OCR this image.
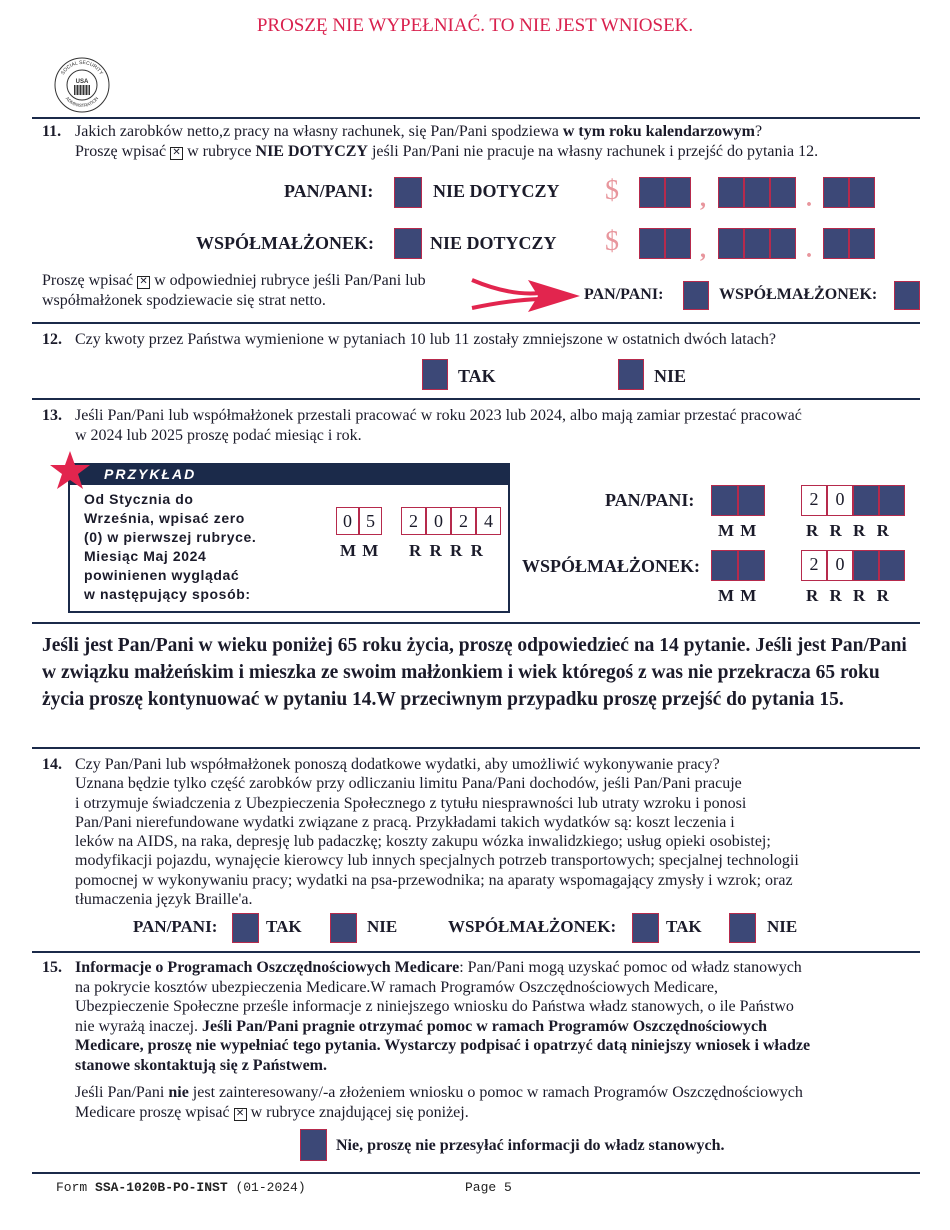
PROSZĘ NIE WYPEŁNIAĆ. TO NIE JEST WNIOSEK.
USA
SOCIAL SECURITY
ADMINISTRATION
11. Jakich zarobków netto,z pracy na własny rachunek, się Pan/Pani spodziewa w tym roku kalendarzowym?
Proszę wpisać ✕ w rubryce NIE DOTYCZY jeśli Pan/Pani nie pracuje na własny rachunek i przejść do pytania 12.
PAN/PANI:	NIE DOTYCZY $	,	.
WSPÓŁMAŁŻONEK:	NIE DOTYCZY $	,	.
Proszę wpisać ✕ w odpowiedniej rubryce jeśli Pan/Pani lub
współmałżonek spodziewacie się strat netto.	PAN/PANI:	WSPÓŁMAŁŻONEK:
12. Czy kwoty przez Państwa wymienione w pytaniach 10 lub 11 zostały zmniejszone w ostatnich dwóch latach?
TAK	NIE
13. Jeśli Pan/Pani lub współmałżonek przestali pracować w roku 2023 lub 2024, albo mają zamiar przestać pracować
w 2024 lub 2025 proszę podać miesiąc i rok.
PRZYKŁAD
Od Stycznia do
Września, wpisać zero
(0) w pierwszej rubryce.
Miesiąc Maj 2024
powinienen wyglądać
w następujący sposób:
0 5	2 0 2 4
M M R R R R
PAN/PANI:	2 0
M M	R R R R
WSPÓŁMAŁŻONEK:	2 0
M M	R R R R
Jeśli jest Pan/Pani w wieku poniżej 65 roku życia, proszę odpowiedzieć na 14 pytanie. Jeśli jest Pan/Pani w związku małżeńskim i mieszka ze swoim małżonkiem i wiek któregoś z was nie przekracza 65 roku życia proszę kontynuować w pytaniu 14.W przeciwnym przypadku proszę przejść do pytania 15.
14. Czy Pan/Pani lub współmałżonek ponoszą dodatkowe wydatki, aby umożliwić wykonywanie pracy?
Uznana będzie tylko część zarobków przy odliczaniu limitu Pana/Pani dochodów, jeśli Pan/Pani pracuje
i otrzymuje świadczenia z Ubezpieczenia Społecznego z tytułu niesprawności lub utraty wzroku i ponosi
Pan/Pani nierefundowane wydatki związane z pracą. Przykładami takich wydatków są: koszt leczenia i
leków na AIDS, na raka, depresję lub padaczkę; koszty zakupu wózka inwalidzkiego; usług opieki osobistej;
modyfikacji pojazdu, wynajęcie kierowcy lub innych specjalnych potrzeb transportowych; specjalnej technologii
pomocnej w wykonywaniu pracy; wydatki na psa-przewodnika; na aparaty wspomagający zmysły i wzrok; oraz
tłumaczenia język Braille'a.
PAN/PANI:	TAK	NIE	WSPÓŁMAŁŻONEK:	TAK	NIE
15. Informacje o Programach Oszczędnościowych Medicare: Pan/Pani mogą uzyskać pomoc od władz stanowych
na pokrycie kosztów ubezpieczenia Medicare.W ramach Programów Oszczędnościowych Medicare,
Ubezpieczenie Społeczne prześle informacje z niniejszego wniosku do Państwa władz stanowych, o ile Państwo
nie wyrażą inaczej. Jeśli Pan/Pani pragnie otrzymać pomoc w ramach Programów Oszczędnościowych
Medicare, proszę nie wypełniać tego pytania. Wystarczy podpisać i opatrzyć datą niniejszy wniosek i władze
stanowe skontaktują się z Państwem.
Jeśli Pan/Pani nie jest zainteresowany/-a złożeniem wniosku o pomoc w ramach Programów Oszczędnościowych
Medicare proszę wpisać ✕ w rubryce znajdującej się poniżej.
Nie, proszę nie przesyłać informacji do władz stanowych.
Form SSA-1020B-PO-INST (01-2024)	Page 5
